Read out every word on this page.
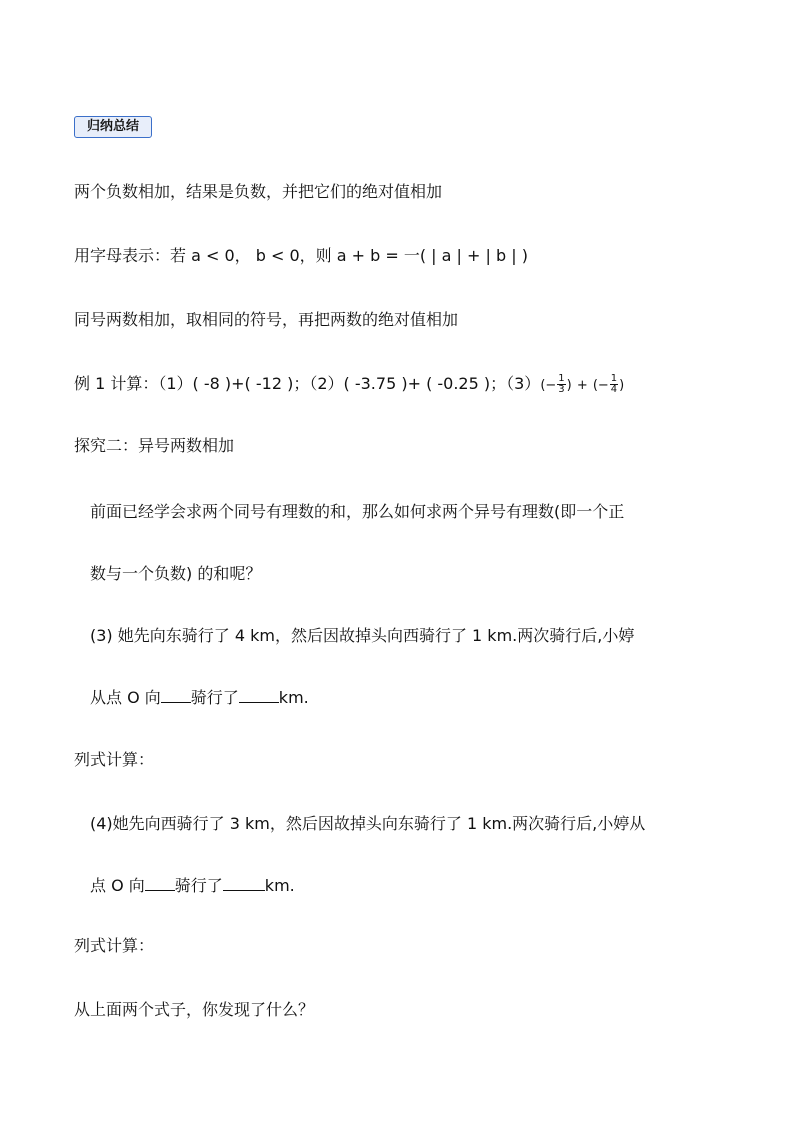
归纳总结
两个负数相加，结果是负数，并把它们的绝对值相加
用字母表示：若 a < 0， b < 0，则 a + b = 一( | a | + | b | )
同号两数相加，取相同的符号，再把两数的绝对值相加
例 1 计算：（1）( -8 )+( -12 )；（2）( -3.75 )+ ( -0.25 )；$(3)(- \frac{1}{3}$ ) + (− $\frac{1}{4}$ )
探究二：异号两数相加
前面已经学会求两个同号有理数的和，那么如何求两个异号有理数(即一个正
数与一个负数) 的和呢？
(3) 她先向东骑行了 4 km，然后因故掉头向西骑行了 1 km.两次骑行后,小婷
从点 O 向 骑行了	km.
列式计算：
(4)她先向西骑行了 3 km，然后因故掉头向东骑行了 1 km.两次骑行后,小婷从
点 O 向 骑行了	km.
列式计算：
从上面两个式子，你发现了什么？
